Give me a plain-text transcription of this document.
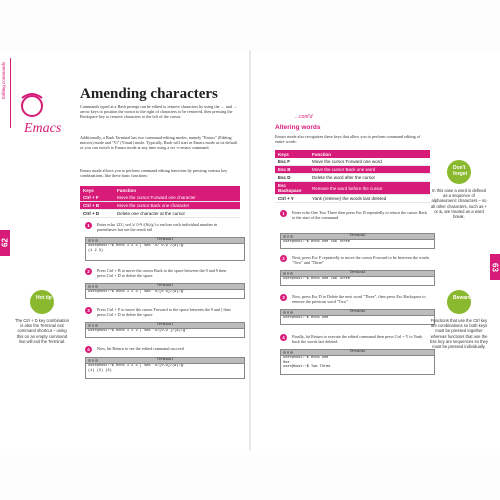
Editing commands
62
Emacs
Amending characters
Commands typed at a Bash prompt can be edited to remove characters by using the ← and → arrow keys to position the cursor to the right of characters to be removed, then pressing the Backspace key to remove characters to the left of the cursor.
Additionally, a Bash Terminal has two command-editing modes, namely "Emacs" (Editing macros) mode and "Vi" (Visual) mode. Typically, Bash will start in Emacs mode as its default or you can switch to Emacs mode at any time using a set -o emacs command.
Emacs mode allows you to perform command editing functions by pressing various key combinations, like these basic functions:
Keys	Function
Ctrl + F	Move the cursor Forward one character
Ctrl + B	Move the cursor Back one character
Ctrl + D	Delete one character at the cursor
1	Enter echo 123 | sed 's/ 0-9 /(&)/g' to enclose each individual number in parentheses but see the result fail
Terminal
user@host:~$ echo 1 2 3 | sed 's/ 0-9 /(&)/g'
(1 2 3)
2	Press Ctrl + B to move the cursor Back to the space between the 0 and 9 then press Ctrl + D to delete the space
Terminal
user@host:~$ echo 1 2 3 | sed 's/[0 9]/(&)/g'
3	Press Ctrl + F to move the cursor Forward to the space between the 9 and ] then press Ctrl + D to delete the space
Terminal
user@host:~$ echo 1 2 3 | sed 's/[0-9 ]/(&)/g'
4	Now, hit Return to see the edited command succeed
Terminal
user@host:~$ echo 1 2 3 | sed 's/[0-9]/(&)/g'
(1) (2) (3)
Hot tip
The Ctrl + D key combination is also the Terminal exit command shortcut – using this on an empty command line will exit the Terminal.
63
...cont'd
Altering words
Emacs mode also recognizes these keys that allow you to perform command editing of entire words:
Keys	Function
Esc F	Move the cursor Forward one word
Esc B	Move the cursor Back one word
Esc D	Delete the word after the cursor
Esc Backspace	Remove the word before the cursor
Ctrl + Y	Yank (retrieve) the words last deleted
1	Enter echo One Two Three then press Esc B repeatedly to return the cursor Back to the start of the command
Terminal
user@host:~$ echo One Two Three
2	Next, press Esc F repeatedly to move the cursor Forward to be between the words "Two" and "Three"
Terminal
user@host:~$ echo One Two Three
3	Now, press Esc D to Delete the next word "Three", then press Esc Backspace to remove the previous word "Two"
Terminal
user@host:~$ echo One
4	Finally, hit Return to execute the edited command then press Ctrl + Y to Yank back the words last deleted
Terminal
user@host:~$ echo One
One
user@host:~$ Two Three
Don't forget
In this case a word is defined as a sequence of alphanumeric characters – so all other characters, such as + or &, are treated as a word break.
Beware
Functions that use the Ctrl key are combinations so both keys must be pressed together whereas functions that use the Esc key are sequences so they must be pressed individually.
